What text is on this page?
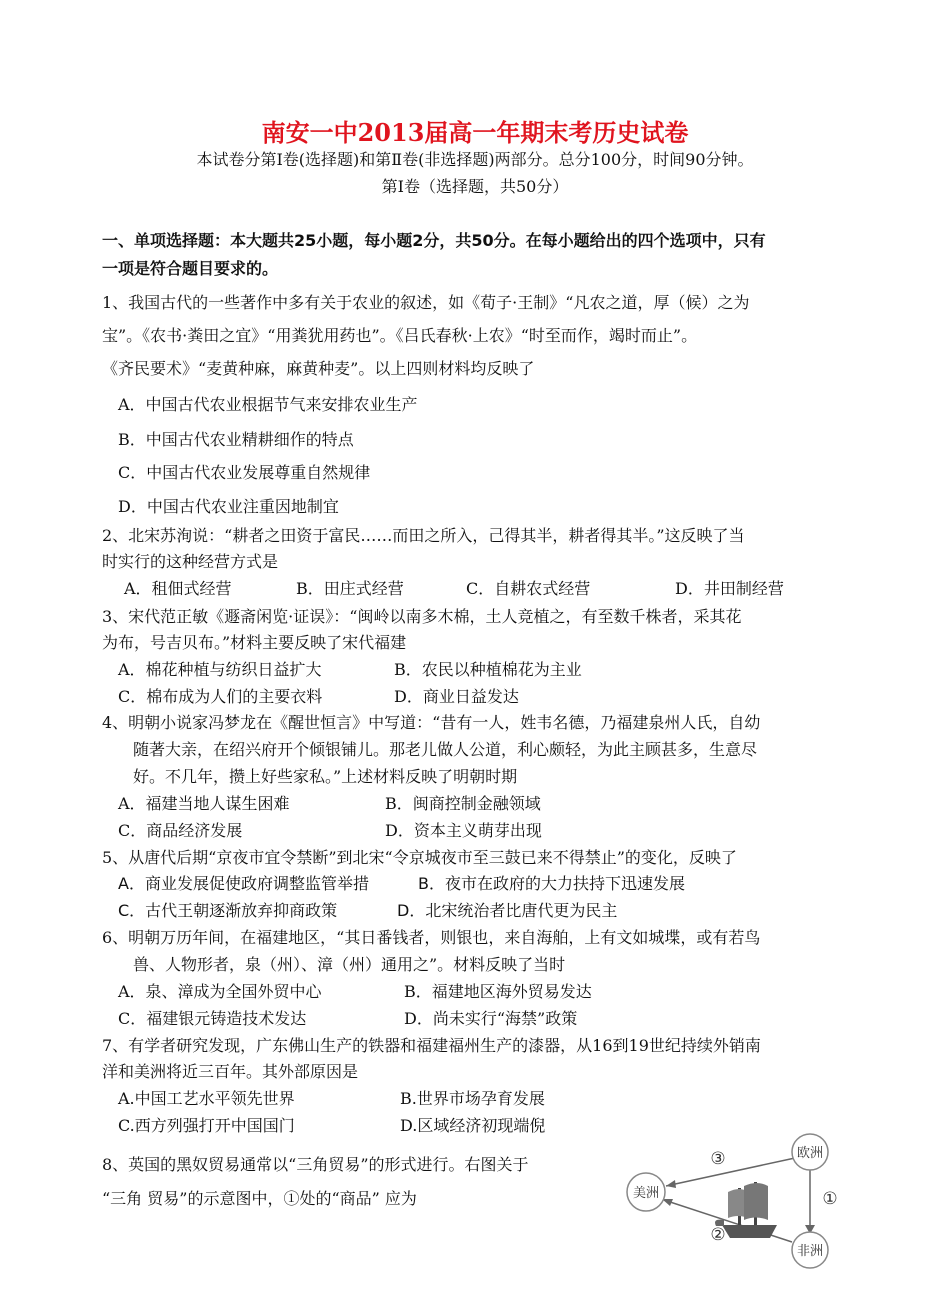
南安一中2013届高一年期末考历史试卷
本试卷分第Ⅰ卷(选择题)和第Ⅱ卷(非选择题)两部分。总分100分，时间90分钟。
第Ⅰ卷（选择题，共50分）
一、单项选择题：本大题共25小题，每小题2分，共50分。在每小题给出的四个选项中，只有
一项是符合题目要求的。
1、我国古代的一些著作中多有关于农业的叙述，如《荀子·王制》“凡农之道，厚（候）之为
宝”。《农书·粪田之宜》“用粪犹用药也”。《吕氏春秋·上农》“时至而作，竭时而止”。
《齐民要术》“麦黄种麻，麻黄种麦”。以上四则材料均反映了
A．中国古代农业根据节气来安排农业生产
B．中国古代农业精耕细作的特点
C．中国古代农业发展尊重自然规律
D．中国古代农业注重因地制宜
2、北宋苏洵说：“耕者之田资于富民……而田之所入，己得其半，耕者得其半。”这反映了当
时实行的这种经营方式是
A．租佃式经营	B．田庄式经营	C．自耕农式经营	D．井田制经营
3、宋代范正敏《遯斋闲览·证误》：“闽岭以南多木棉，土人竞植之，有至数千株者，采其花
为布，号吉贝布。”材料主要反映了宋代福建
A．棉花种植与纺织日益扩大	B．农民以种植棉花为主业
C．棉布成为人们的主要衣料	D．商业日益发达
4、明朝小说家冯梦龙在《醒世恒言》中写道：“昔有一人，姓韦名德，乃福建泉州人氏，自幼
随著大亲，在绍兴府开个倾银铺儿。那老儿做人公道，利心颇轻，为此主顾甚多，生意尽
好。不几年，攒上好些家私。”上述材料反映了明朝时期
A．福建当地人谋生困难	B．闽商控制金融领域
C．商品经济发展	D．资本主义萌芽出现
5、从唐代后期“京夜市宜令禁断”到北宋“令京城夜市至三鼓已来不得禁止”的变化，反映了
A．商业发展促使政府调整监管举措	B．夜市在政府的大力扶持下迅速发展
C．古代王朝逐渐放弃抑商政策	D．北宋统治者比唐代更为民主
6、明朝万历年间，在福建地区，“其日番钱者，则银也，来自海舶，上有文如城堞，或有若鸟
兽、人物形者，泉（州）、漳（州）通用之”。材料反映了当时
A．泉、漳成为全国外贸中心	B．福建地区海外贸易发达
C．福建银元铸造技术发达	D．尚未实行“海禁”政策
7、有学者研究发现，广东佛山生产的铁器和福建福州生产的漆器，从16到19世纪持续外销南
洋和美洲将近三百年。其外部原因是
A.中国工艺水平领先世界	B.世界市场孕育发展
C.西方列强打开中国国门	D.区域经济初现端倪
8、英国的黑奴贸易通常以“三角贸易”的形式进行。右图关于
“三角 贸易”的示意图中，①处的“商品” 应为
欧洲
美洲
非洲
③
①
②
